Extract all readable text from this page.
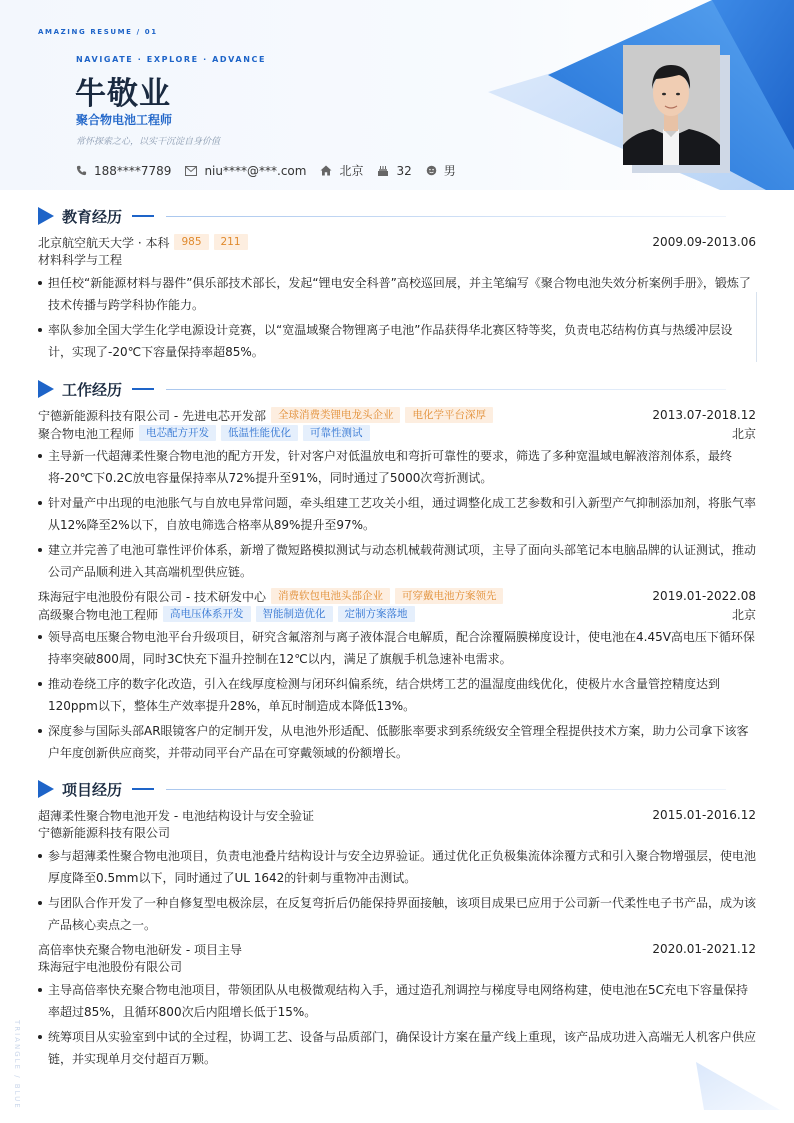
AMAZING RESUME / 01
NAVIGATE · EXPLORE · ADVANCE
牛敬业
聚合物电池工程师
常怀探索之心，以实干沉淀自身价值
188****7789	niu****@***.com	北京	32	男
教育经历
北京航空航天大学 · 本科	985	211	2009.09-2013.06
材料科学与工程
担任校“新能源材料与器件”俱乐部技术部长，发起“锂电安全科普”高校巡回展，并主笔编写《聚合物电池失效分析案例手册》，锻炼了技术传播与跨学科协作能力。
率队参加全国大学生化学电源设计竞赛，以“宽温域聚合物锂离子电池”作品获得华北赛区特等奖，负责电芯结构仿真与热缓冲层设计，实现了-20℃下容量保持率超85%。
工作经历
宁德新能源科技有限公司 - 先进电芯开发部	全球消费类锂电龙头企业	电化学平台深厚	2013.07-2018.12
聚合物电池工程师	电芯配方开发	低温性能优化	可靠性测试	北京
主导新一代超薄柔性聚合物电池的配方开发，针对客户对低温放电和弯折可靠性的要求，筛选了多种宽温域电解液溶剂体系，最终将-20℃下0.2C放电容量保持率从72%提升至91%，同时通过了5000次弯折测试。
针对量产中出现的电池胀气与自放电异常问题，牵头组建工艺攻关小组，通过调整化成工艺参数和引入新型产气抑制添加剂，将胀气率从12%降至2%以下，自放电筛选合格率从89%提升至97%。
建立并完善了电池可靠性评价体系，新增了微短路模拟测试与动态机械载荷测试项，主导了面向头部笔记本电脑品牌的认证测试，推动公司产品顺利进入其高端机型供应链。
珠海冠宇电池股份有限公司 - 技术研发中心	消费软包电池头部企业	可穿戴电池方案领先	2019.01-2022.08
高级聚合物电池工程师	高电压体系开发	智能制造优化	定制方案落地	北京
领导高电压聚合物电池平台升级项目，研究含氟溶剂与离子液体混合电解质，配合涂覆隔膜梯度设计，使电池在4.45V高电压下循环保持率突破800周，同时3C快充下温升控制在12℃以内，满足了旗舰手机急速补电需求。
推动卷绕工序的数字化改造，引入在线厚度检测与闭环纠偏系统，结合烘烤工艺的温湿度曲线优化，使极片水含量管控精度达到120ppm以下，整体生产效率提升28%，单瓦时制造成本降低13%。
深度参与国际头部AR眼镜客户的定制开发，从电池外形适配、低膨胀率要求到系统级安全管理全程提供技术方案，助力公司拿下该客户年度创新供应商奖，并带动同平台产品在可穿戴领域的份额增长。
项目经历
超薄柔性聚合物电池开发 - 电池结构设计与安全验证	2015.01-2016.12
宁德新能源科技有限公司
参与超薄柔性聚合物电池项目，负责电池叠片结构设计与安全边界验证。通过优化正负极集流体涂覆方式和引入聚合物增强层，使电池厚度降至0.5mm以下，同时通过了UL 1642的针刺与重物冲击测试。
与团队合作开发了一种自修复型电极涂层，在反复弯折后仍能保持界面接触，该项目成果已应用于公司新一代柔性电子书产品，成为该产品核心卖点之一。
高倍率快充聚合物电池研发 - 项目主导	2020.01-2021.12
珠海冠宇电池股份有限公司
主导高倍率快充聚合物电池项目，带领团队从电极微观结构入手，通过造孔剂调控与梯度导电网络构建，使电池在5C充电下容量保持率超过85%，且循环800次后内阻增长低于15%。
统筹项目从实验室到中试的全过程，协调工艺、设备与品质部门，确保设计方案在量产线上重现，该产品成功进入高端无人机客户供应链，并实现单月交付超百万颗。
TRIANGLE / BLUE
